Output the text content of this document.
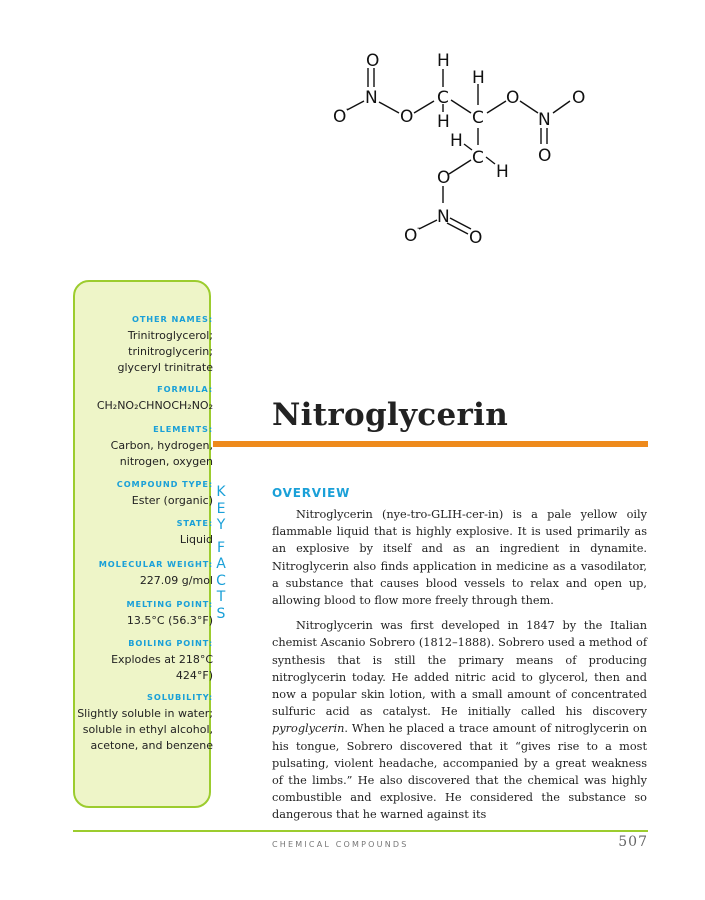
O
N
O -	O
H
C
H
H
C
O
N
O
O
H
C
H
O
N
O -	O
OTHER NAMES:
Trinitroglycerol; trinitroglycerin; glyceryl trinitrate
FORMULA:
CH₂NO₂CHNOCH₂NO₂
ELEMENTS:
Carbon, hydrogen, nitrogen, oxygen
COMPOUND TYPE:
Ester (organic)
STATE:
Liquid
MOLECULAR WEIGHT:
227.09 g/mol
MELTING POINT:
13.5°C (56.3°F)
BOILING POINT:
Explodes at 218°C 424°F)
SOLUBILITY:
Slightly soluble in water; soluble in ethyl alcohol, acetone, and benzene
K
E
Y

F
A
C
T
S
Nitroglycerin
OVERVIEW

Nitroglycerin (nye-tro-GLIH-cer-in) is a pale yellow oily flammable liquid that is highly explosive. It is used primarily as an explosive by itself and as an ingredient in dynamite. Nitroglycerin also finds application in medicine as a vasodilator, a substance that causes blood vessels to relax and open up, allowing blood to flow more freely through them.

Nitroglycerin was first developed in 1847 by the Italian chemist Ascanio Sobrero (1812–1888). Sobrero used a method of synthesis that is still the primary means of producing nitroglycerin today. He added nitric acid to glycerol, then and now a popular skin lotion, with a small amount of concentrated sulfuric acid as catalyst. He initially called his discovery pyroglycerin. When he placed a trace amount of nitroglycerin on his tongue, Sobrero discovered that it “gives rise to a most pulsating, violent headache, accompanied by a great weakness of the limbs.” He also discovered that the chemical was highly combustible and explosive. He considered the substance so dangerous that he warned against its

CHEMICAL COMPOUNDS	507
